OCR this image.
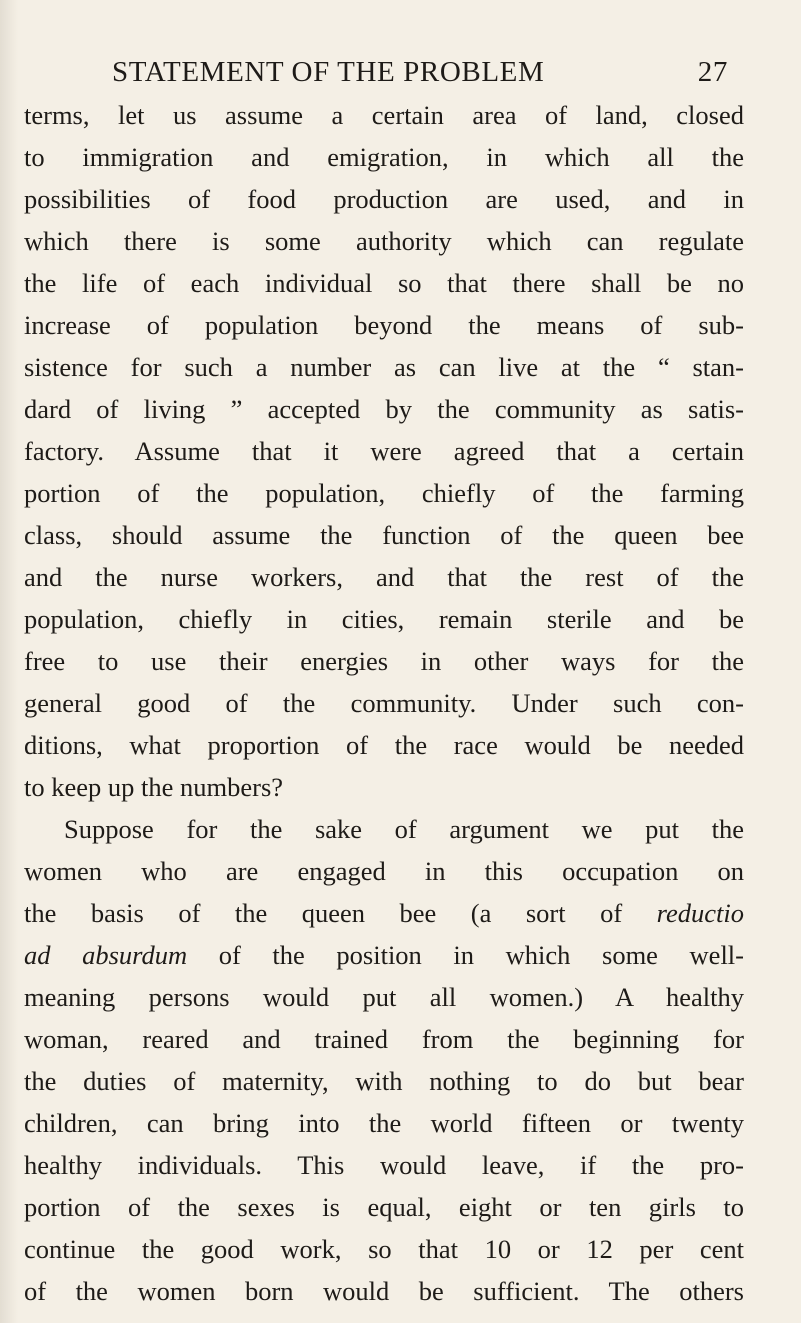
STATEMENT OF THE PROBLEM	27
terms, let us assume a certain area of land, closed
to immigration and emigration, in which all the
possibilities of food production are used, and in
which there is some authority which can regulate
the life of each individual so that there shall be no
increase of population beyond the means of sub-
sistence for such a number as can live at the “ stan-
dard of living ” accepted by the community as satis-
factory. Assume that it were agreed that a certain
portion of the population, chiefly of the farming
class, should assume the function of the queen bee
and the nurse workers, and that the rest of the
population, chiefly in cities, remain sterile and be
free to use their energies in other ways for the
general good of the community. Under such con-
ditions, what proportion of the race would be needed
to keep up the numbers?
Suppose for the sake of argument we put the
women who are engaged in this occupation on
the basis of the queen bee (a sort of reductio
ad absurdum of the position in which some well-
meaning persons would put all women.) A healthy
woman, reared and trained from the beginning for
the duties of maternity, with nothing to do but bear
children, can bring into the world fifteen or twenty
healthy individuals. This would leave, if the pro-
portion of the sexes is equal, eight or ten girls to
continue the good work, so that 10 or 12 per cent
of the women born would be sufficient. The others
